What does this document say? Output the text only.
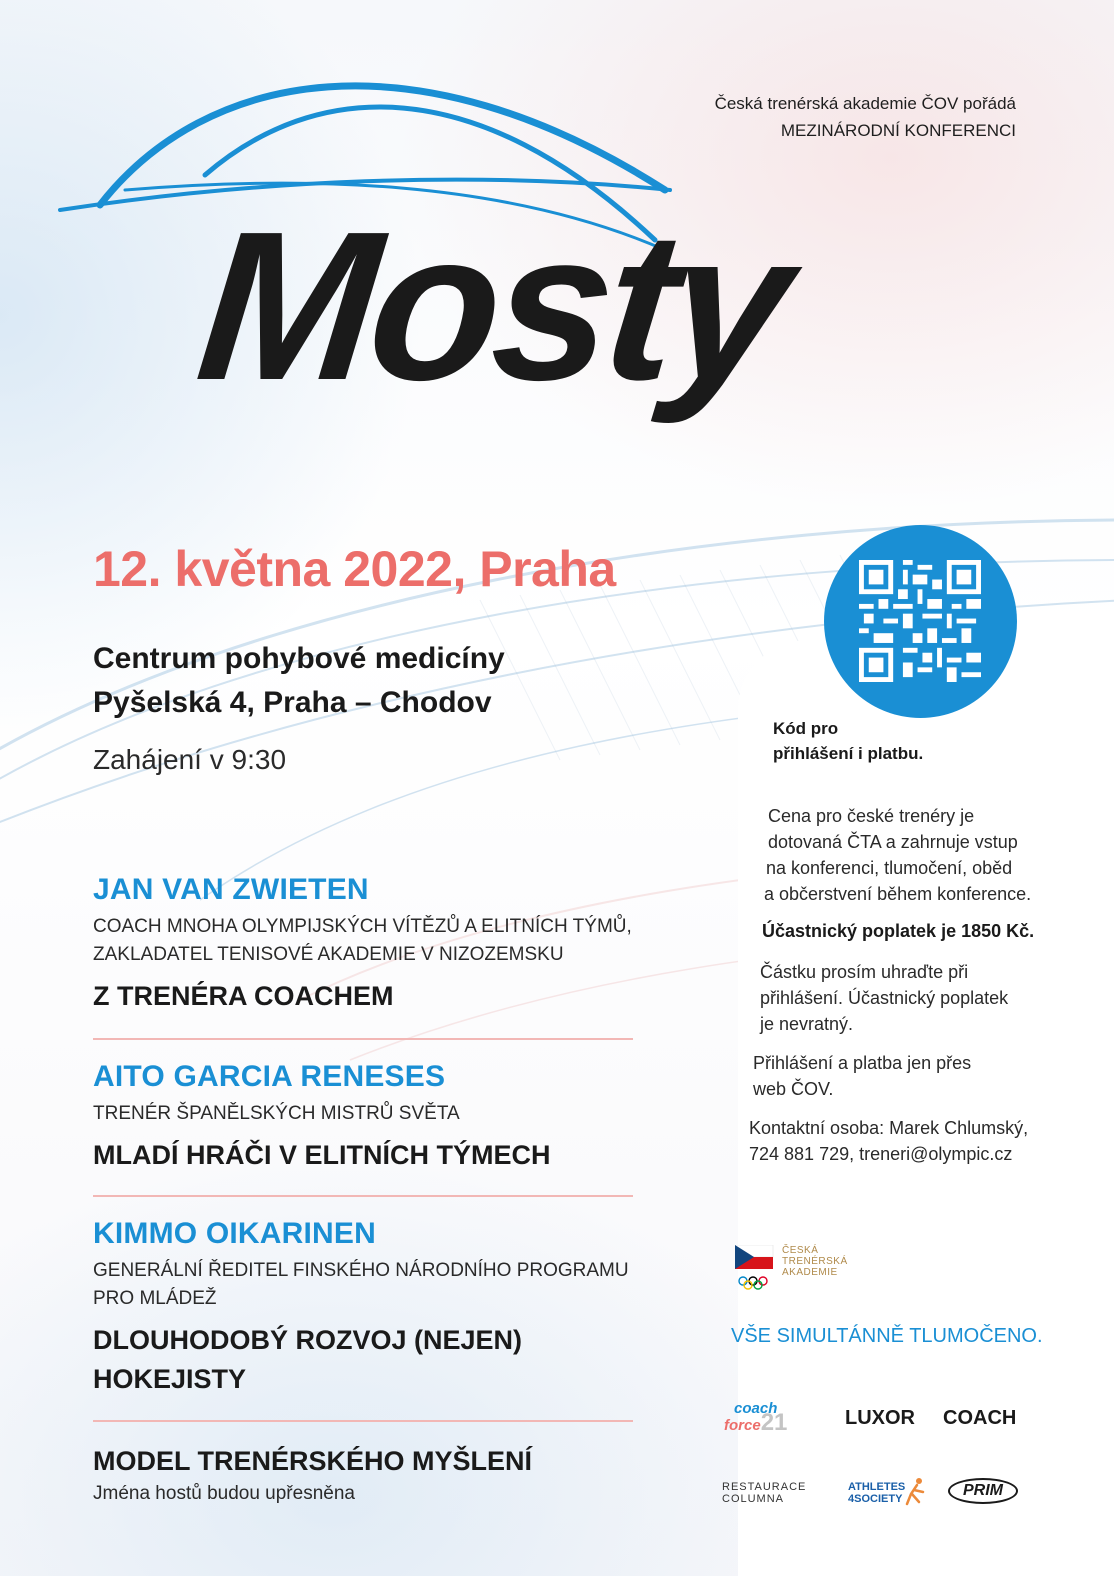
Česká trenérská akademie ČOV pořádá
MEZINÁRODNÍ KONFERENCI
Mosty
12. května 2022, Praha
Centrum pohybové medicíny
Pyšelská 4, Praha – Chodov
Zahájení v 9:30
JAN VAN ZWIETEN
COACH MNOHA OLYMPIJSKÝCH VÍTĚZŮ A ELITNÍCH TÝMŮ,
ZAKLADATEL TENISOVÉ AKADEMIE V NIZOZEMSKU
Z TRENÉRA COACHEM
AITO GARCIA RENESES
TRENÉR ŠPANĚLSKÝCH MISTRŮ SVĚTA
MLADÍ HRÁČI V ELITNÍCH TÝMECH
KIMMO OIKARINEN
GENERÁLNÍ ŘEDITEL FINSKÉHO NÁRODNÍHO PROGRAMU
PRO MLÁDEŽ
DLOUHODOBÝ ROZVOJ (NEJEN)
HOKEJISTY
MODEL TRENÉRSKÉHO MYŠLENÍ
Jména hostů budou upřesněna
Kód pro
přihlášení i platbu.
Cena pro české trenéry je
dotovaná ČTA a zahrnuje vstup
na konferenci, tlumočení, oběd
a občerstvení během konference.
Účastnický poplatek je 1850 Kč.
Částku prosím uhraďte při
přihlášení. Účastnický poplatek
je nevratný.
Přihlášení a platba jen přes
web ČOV.
Kontaktní osoba: Marek Chlumský,
724 881 729, treneri@olympic.cz
ČESKÁ
TRENÉRSKÁ
AKADEMIE
VŠE SIMULTÁNNĚ TLUMOČENO.
coach
force21	LUXOR COACH
RESTAURACE
COLUMNA
ATHLETES
4SOCIETY	PRIM
